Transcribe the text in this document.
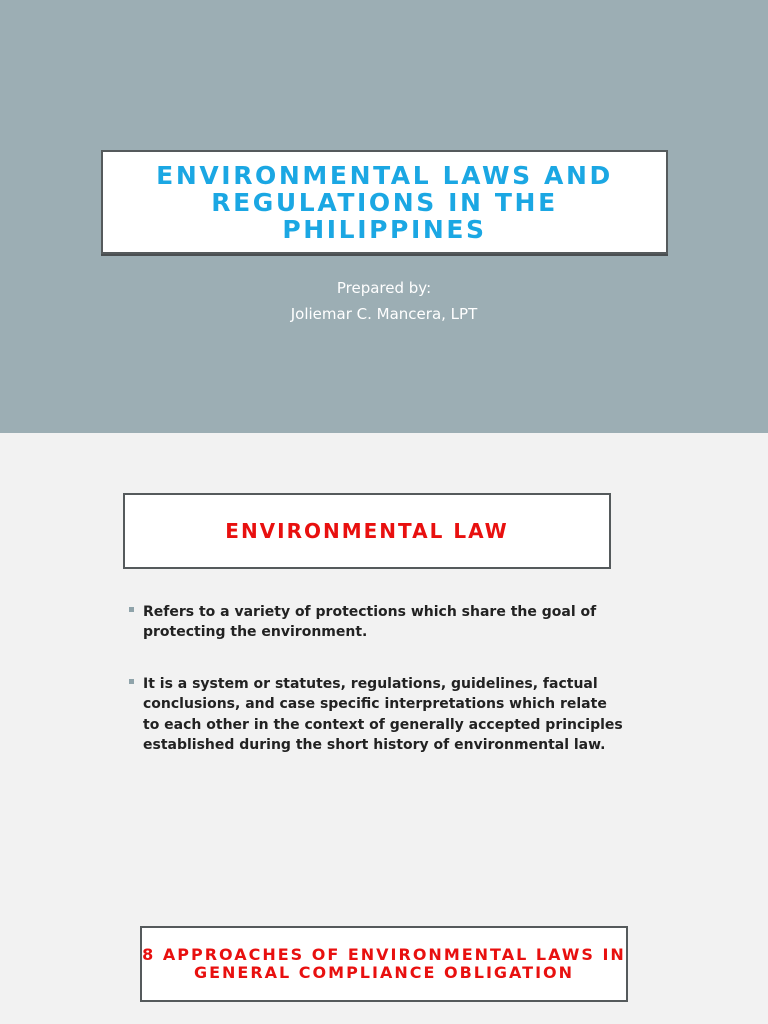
ENVIRONMENTAL LAWS AND REGULATIONS IN THE PHILIPPINES

Prepared by:

Joliemar C. Mancera, LPT

ENVIRONMENTAL LAW
Refers to a variety of protections which share the goal of protecting the environment.
It is a system or statutes, regulations, guidelines, factual conclusions, and case specific interpretations which relate to each other in the context of generally accepted principles established during the short history of environmental law.
8 APPROACHES OF ENVIRONMENTAL LAWS IN GENERAL COMPLIANCE OBLIGATION
